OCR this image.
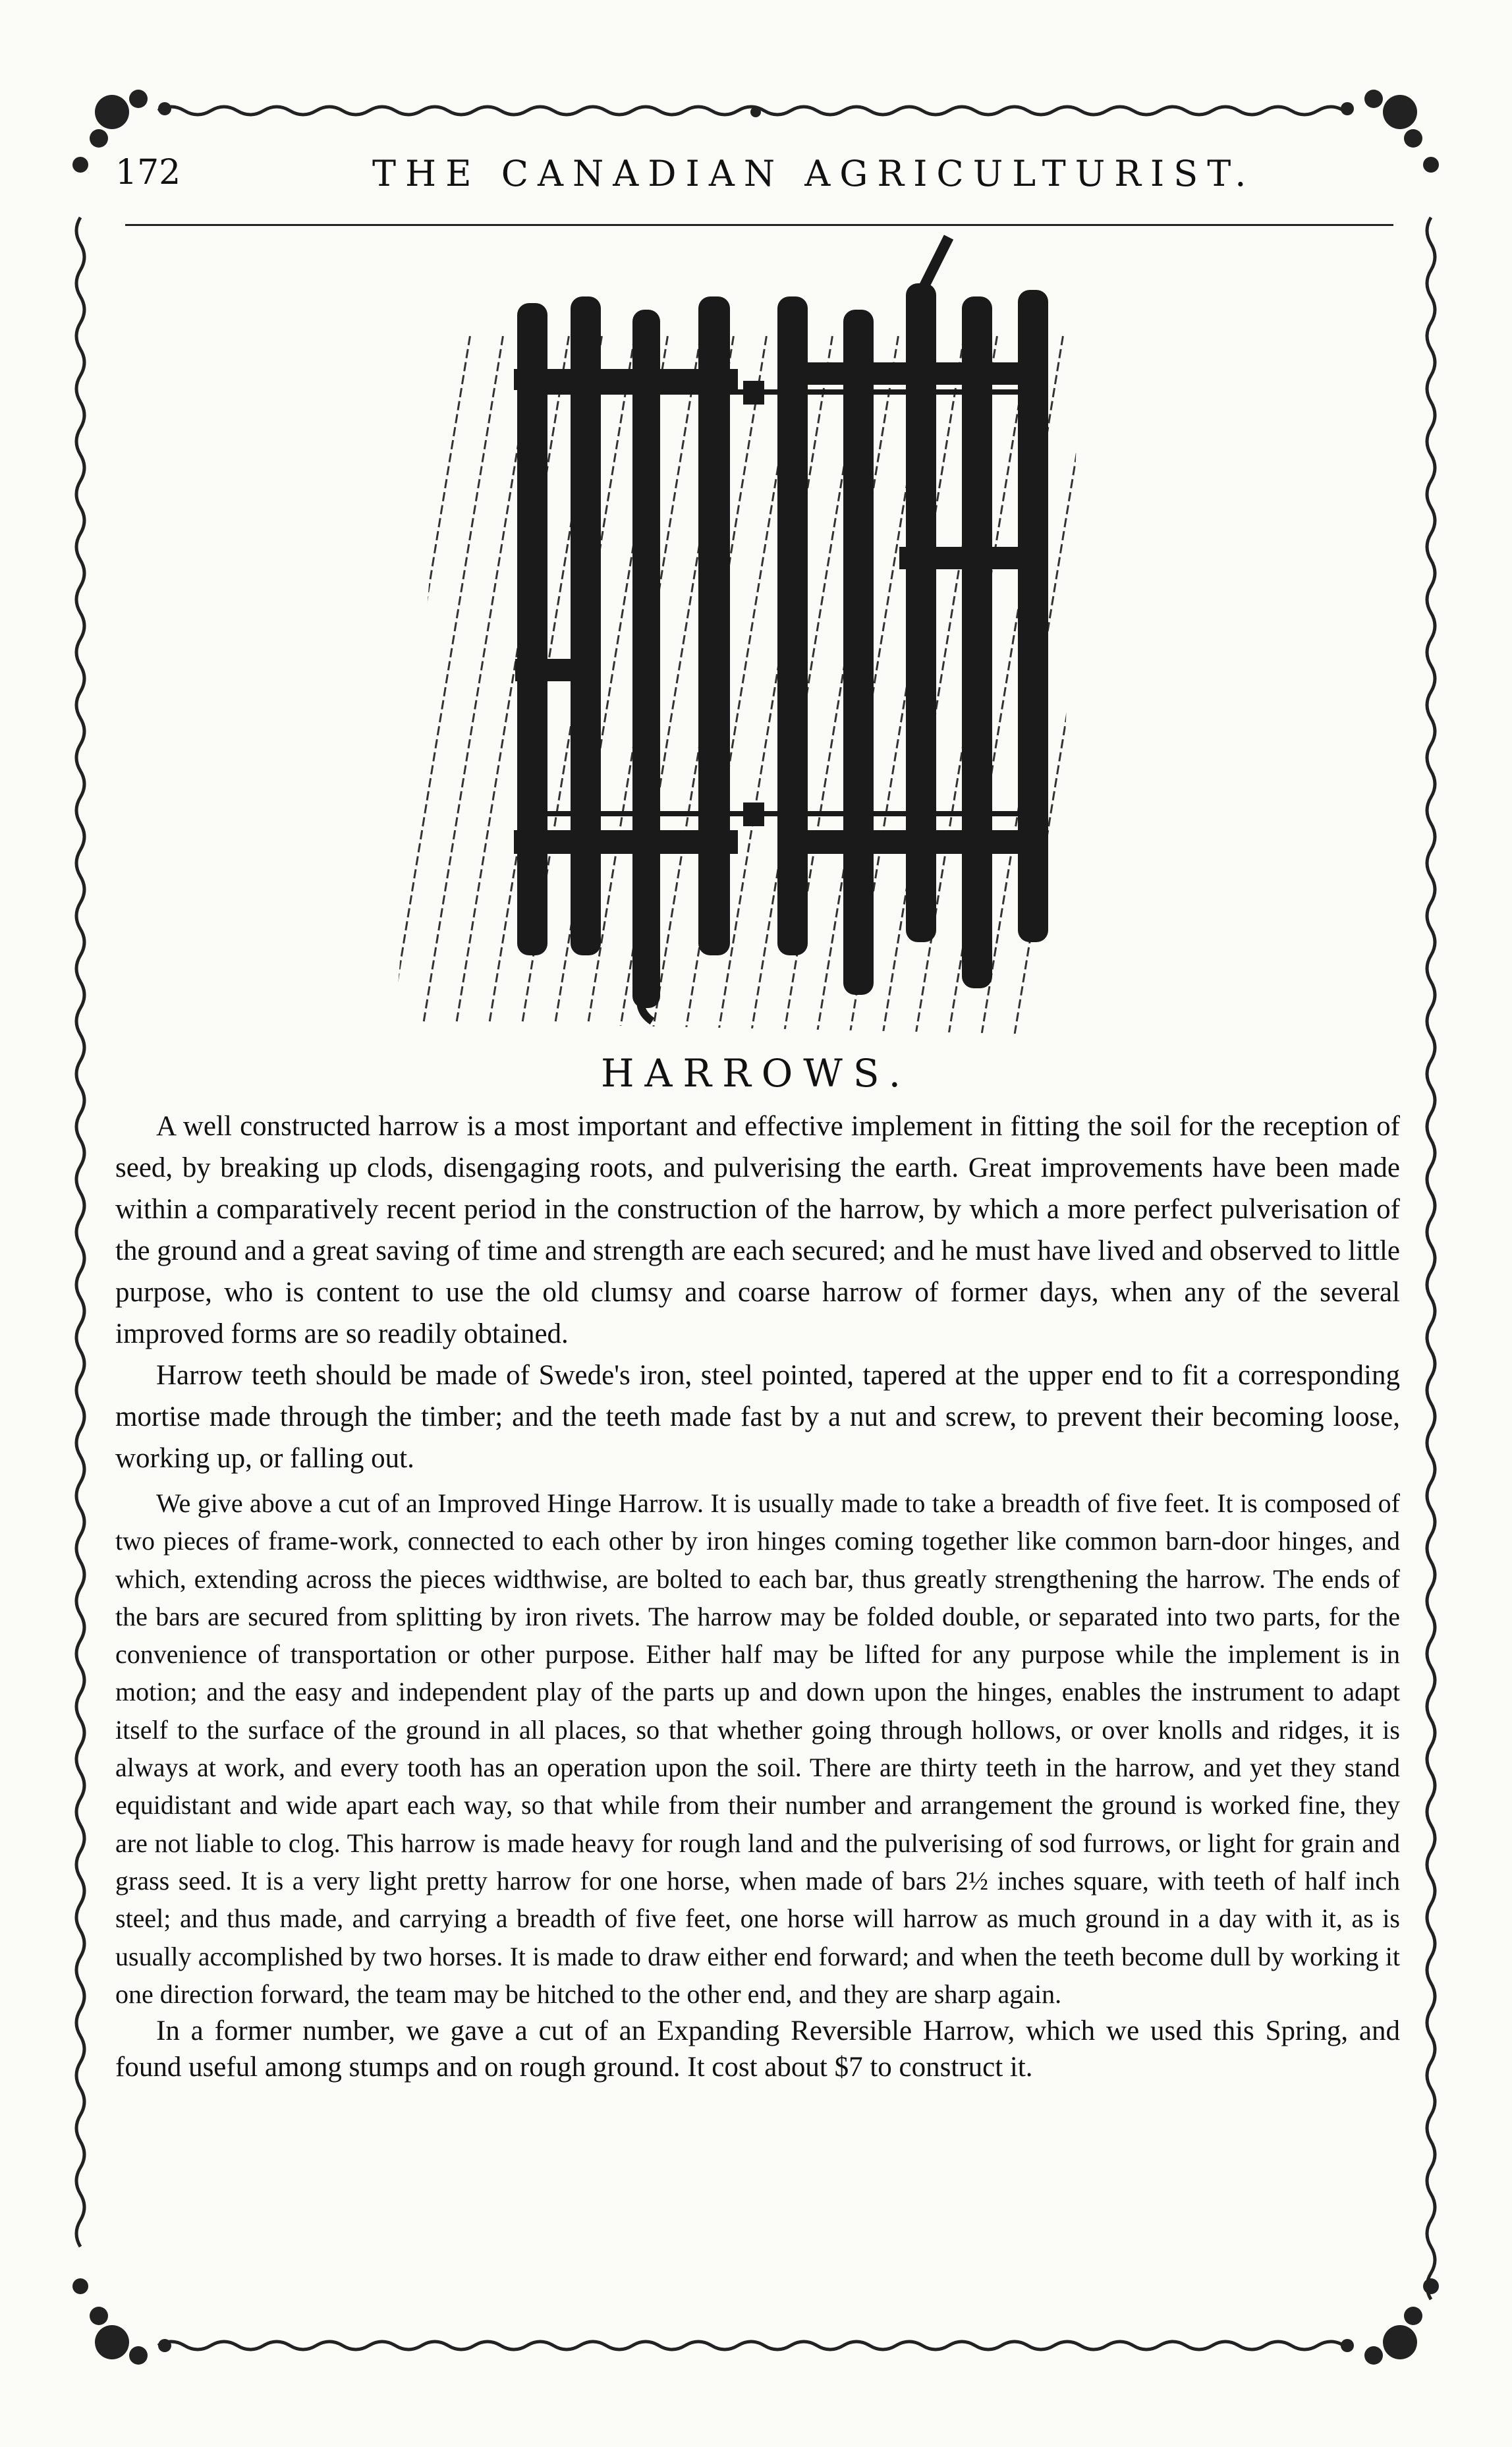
172	THE CANADIAN AGRICULTURIST.
HARROWS.

A well constructed harrow is a most important and effective implement in fitting the soil for the reception of seed, by breaking up clods, disengaging roots, and pulverising the earth. Great improvements have been made within a comparatively recent period in the construction of the harrow, by which a more perfect pulverisation of the ground and a great saving of time and strength are each secured; and he must have lived and observed to little purpose, who is content to use the old clumsy and coarse harrow of former days, when any of the several improved forms are so readily obtained.

Harrow teeth should be made of Swede's iron, steel pointed, tapered at the upper end to fit a corresponding mortise made through the timber; and the teeth made fast by a nut and screw, to prevent their becoming loose, working up, or falling out.

We give above a cut of an Improved Hinge Harrow. It is usually made to take a breadth of five feet. It is composed of two pieces of frame-work, connected to each other by iron hinges coming together like common barn-door hinges, and which, extending across the pieces widthwise, are bolted to each bar, thus greatly strengthening the harrow. The ends of the bars are secured from splitting by iron rivets. The harrow may be folded double, or separated into two parts, for the convenience of transportation or other purpose. Either half may be lifted for any purpose while the implement is in motion; and the easy and independent play of the parts up and down upon the hinges, enables the instrument to adapt itself to the surface of the ground in all places, so that whether going through hollows, or over knolls and ridges, it is always at work, and every tooth has an operation upon the soil. There are thirty teeth in the harrow, and yet they stand equidistant and wide apart each way, so that while from their number and arrangement the ground is worked fine, they are not liable to clog. This harrow is made heavy for rough land and the pulverising of sod furrows, or light for grain and grass seed. It is a very light pretty harrow for one horse, when made of bars 2½ inches square, with teeth of half inch steel; and thus made, and carrying a breadth of five feet, one horse will harrow as much ground in a day with it, as is usually accomplished by two horses. It is made to draw either end forward; and when the teeth become dull by working it one direction forward, the team may be hitched to the other end, and they are sharp again.

In a former number, we gave a cut of an Expanding Reversible Harrow, which we used this Spring, and found useful among stumps and on rough ground. It cost about $7 to construct it.
